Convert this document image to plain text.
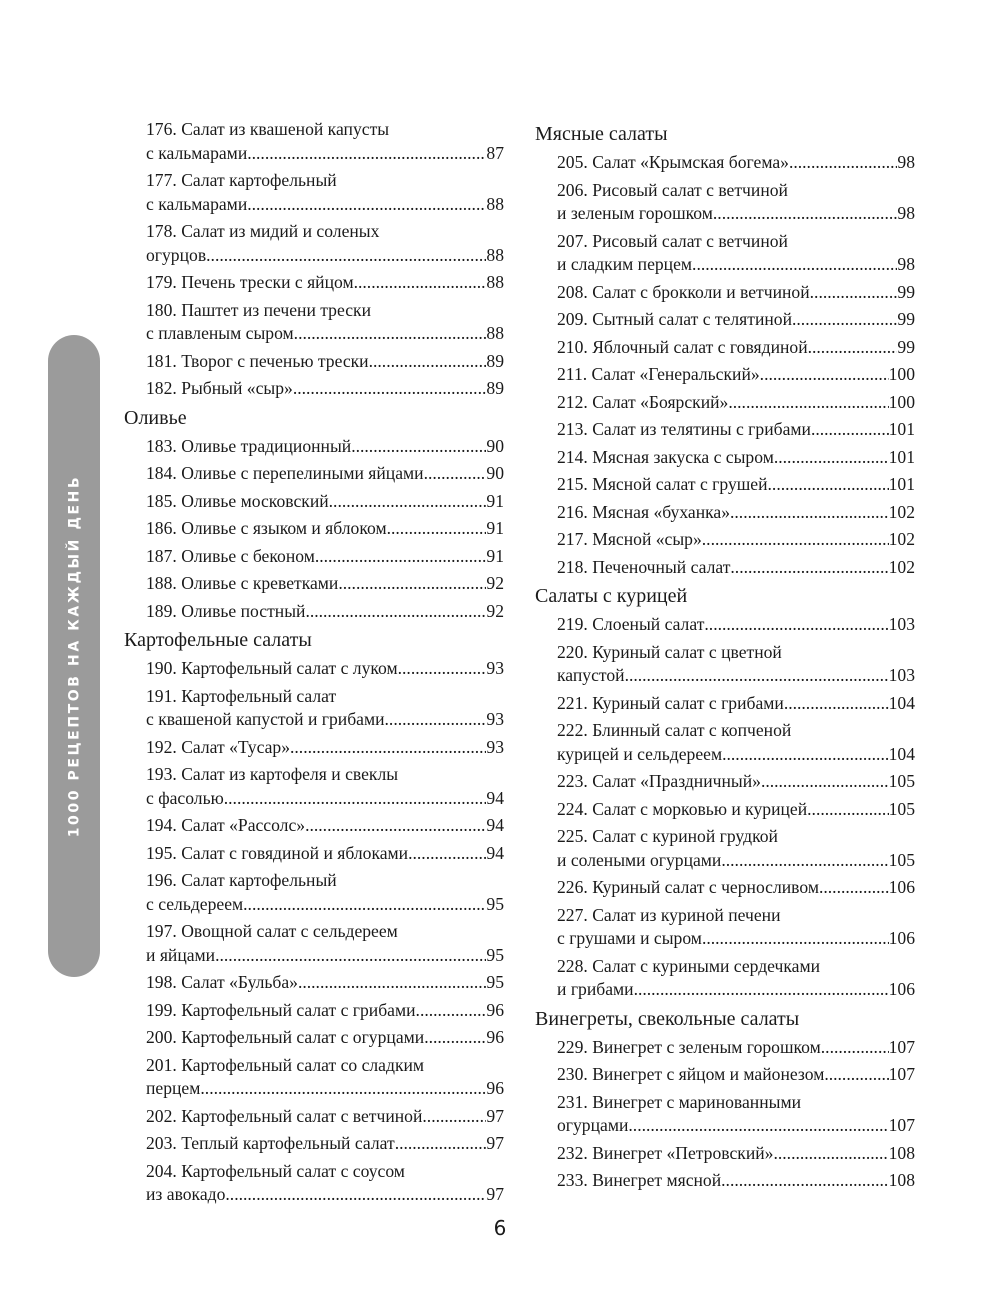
1000 РЕЦЕПТОВ НА КАЖДЫЙ ДЕНЬ
176. Салат из квашеной капусты
с кальмарами .....	87
177. Салат картофельный
с кальмарами .....	88
178. Салат из мидий и соленых
огурцов .....	88
179. Печень трески с яйцом .....	88
180. Паштет из печени трески
с плавленым сыром .....	88
181. Творог с печенью трески .....	89
182. Рыбный «сыр» .....	89
Оливье
183. Оливье традиционный .....	90
184. Оливье с перепелиными яйцами .....	90
185. Оливье московский .....	91
186. Оливье с языком и яблоком .....	91
187. Оливье с беконом .....	91
188. Оливье с креветками .....	92
189. Оливье постный .....	92
Картофельные салаты
190. Картофельный салат с луком .....	93
191. Картофельный салат
с квашеной капустой и грибами .....	93
192. Салат «Тусар» .....	93
193. Салат из картофеля и свеклы
с фасолью .....	94
194. Салат «Рассолс» .....	94
195. Салат с говядиной и яблоками .....	94
196. Салат картофельный
с сельдереем .....	95
197. Овощной салат с сельдереем
и яйцами .....	95
198. Салат «Бульба» .....	95
199. Картофельный салат с грибами .....	96
200. Картофельный салат с огурцами .....	96
201. Картофельный салат со сладким
перцем .....	96
202. Картофельный салат с ветчиной .....	97
203. Теплый картофельный салат .....	97
204. Картофельный салат с соусом
из авокадо .....	97
Мясные салаты
205. Салат «Крымская богема» .....	98
206. Рисовый салат с ветчиной
и зеленым горошком .....	98
207. Рисовый салат с ветчиной
и сладким перцем .....	98
208. Салат с брокколи и ветчиной .....	99
209. Сытный салат с телятиной .....	99
210. Яблочный салат с говядиной .....	99
211. Салат «Генеральский» .....	100
212. Салат «Боярский» .....	100
213. Салат из телятины с грибами .....	101
214. Мясная закуска с сыром .....	101
215. Мясной салат с грушей .....	101
216. Мясная «буханка» .....	102
217. Мясной «сыр» .....	102
218. Печеночный салат .....	102
Салаты с курицей
219. Слоеный салат .....	103
220. Куриный салат с цветной
капустой .....	103
221. Куриный салат с грибами .....	104
222. Блинный салат с копченой
курицей и сельдереем .....	104
223. Салат «Праздничный» .....	105
224. Салат с морковью и курицей .....	105
225. Салат с куриной грудкой
и солеными огурцами .....	105
226. Куриный салат с черносливом .....	106
227. Салат из куриной печени
с грушами и сыром .....	106
228. Салат с куриными сердечками
и грибами .....	106
Винегреты, свекольные салаты
229. Винегрет с зеленым горошком .....	107
230. Винегрет с яйцом и майонезом .....	107
231. Винегрет с маринованными
огурцами .....	107
232. Винегрет «Петровский» .....	108
233. Винегрет мясной .....	108
6
